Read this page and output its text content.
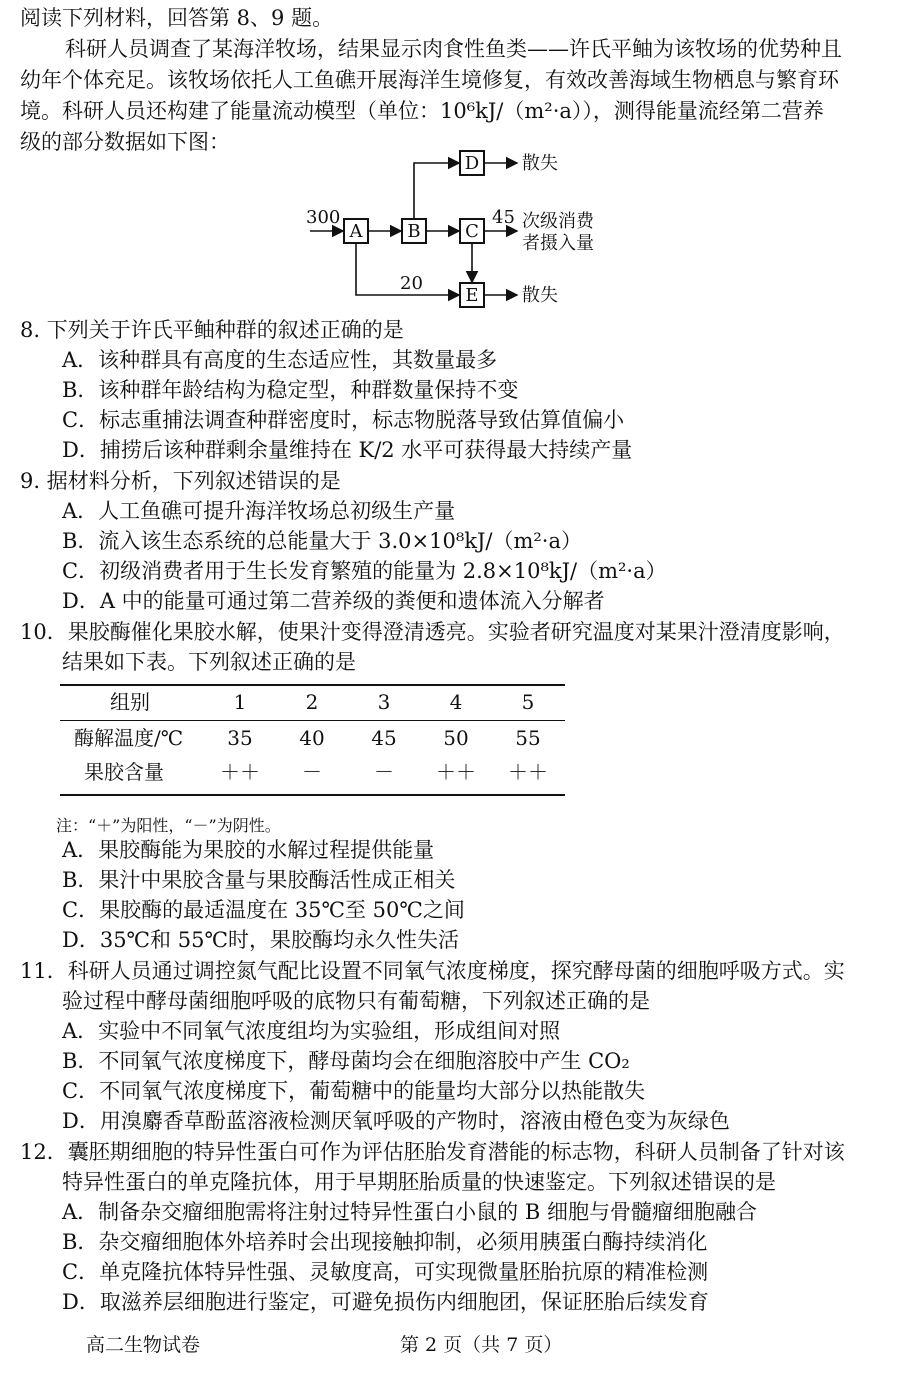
阅读下列材料，回答第 8、9 题。
科研人员调查了某海洋牧场，结果显示肉食性鱼类——许氏平鲉为该牧场的优势种且
幼年个体充足。该牧场依托人工鱼礁开展海洋生境修复，有效改善海域生物栖息与繁育环
境。科研人员还构建了能量流动模型（单位：10⁶kJ/（m²·a）），测得能量流经第二营养
级的部分数据如下图：
A B C
D
E
300	45
20
散失
散失
次级消费
者摄入量
8. 下列关于许氏平鲉种群的叙述正确的是
A．该种群具有高度的生态适应性，其数量最多
B．该种群年龄结构为稳定型，种群数量保持不变
C．标志重捕法调查种群密度时，标志物脱落导致估算值偏小
D．捕捞后该种群剩余量维持在 K/2 水平可获得最大持续产量
9. 据材料分析，下列叙述错误的是
A．人工鱼礁可提升海洋牧场总初级生产量
B．流入该生态系统的总能量大于 3.0×10⁸kJ/（m²·a）
C．初级消费者用于生长发育繁殖的能量为 2.8×10⁸kJ/（m²·a）
D．A 中的能量可通过第二营养级的粪便和遗体流入分解者
10．果胶酶催化果胶水解，使果汁变得澄清透亮。实验者研究温度对某果汁澄清度影响，
结果如下表。下列叙述正确的是
组别	1	2	3	4	5
酶解温度/℃	35	40	45	50	55
果胶含量	＋＋	－	－	＋＋	＋＋
注：“＋”为阳性，“－”为阴性。
A．果胶酶能为果胶的水解过程提供能量
B．果汁中果胶含量与果胶酶活性成正相关
C．果胶酶的最适温度在 35℃至 50℃之间
D．35℃和 55℃时，果胶酶均永久性失活
11．科研人员通过调控氮气配比设置不同氧气浓度梯度，探究酵母菌的细胞呼吸方式。实
验过程中酵母菌细胞呼吸的底物只有葡萄糖，下列叙述正确的是
A．实验中不同氧气浓度组均为实验组，形成组间对照
B．不同氧气浓度梯度下，酵母菌均会在细胞溶胶中产生 CO₂
C．不同氧气浓度梯度下，葡萄糖中的能量均大部分以热能散失
D．用溴麝香草酚蓝溶液检测厌氧呼吸的产物时，溶液由橙色变为灰绿色
12．囊胚期细胞的特异性蛋白可作为评估胚胎发育潜能的标志物，科研人员制备了针对该
特异性蛋白的单克隆抗体，用于早期胚胎质量的快速鉴定。下列叙述错误的是
A．制备杂交瘤细胞需将注射过特异性蛋白小鼠的 B 细胞与骨髓瘤细胞融合
B．杂交瘤细胞体外培养时会出现接触抑制，必须用胰蛋白酶持续消化
C．单克隆抗体特异性强、灵敏度高，可实现微量胚胎抗原的精准检测
D．取滋养层细胞进行鉴定，可避免损伤内细胞团，保证胚胎后续发育
高二生物试卷	第 2 页（共 7 页）
